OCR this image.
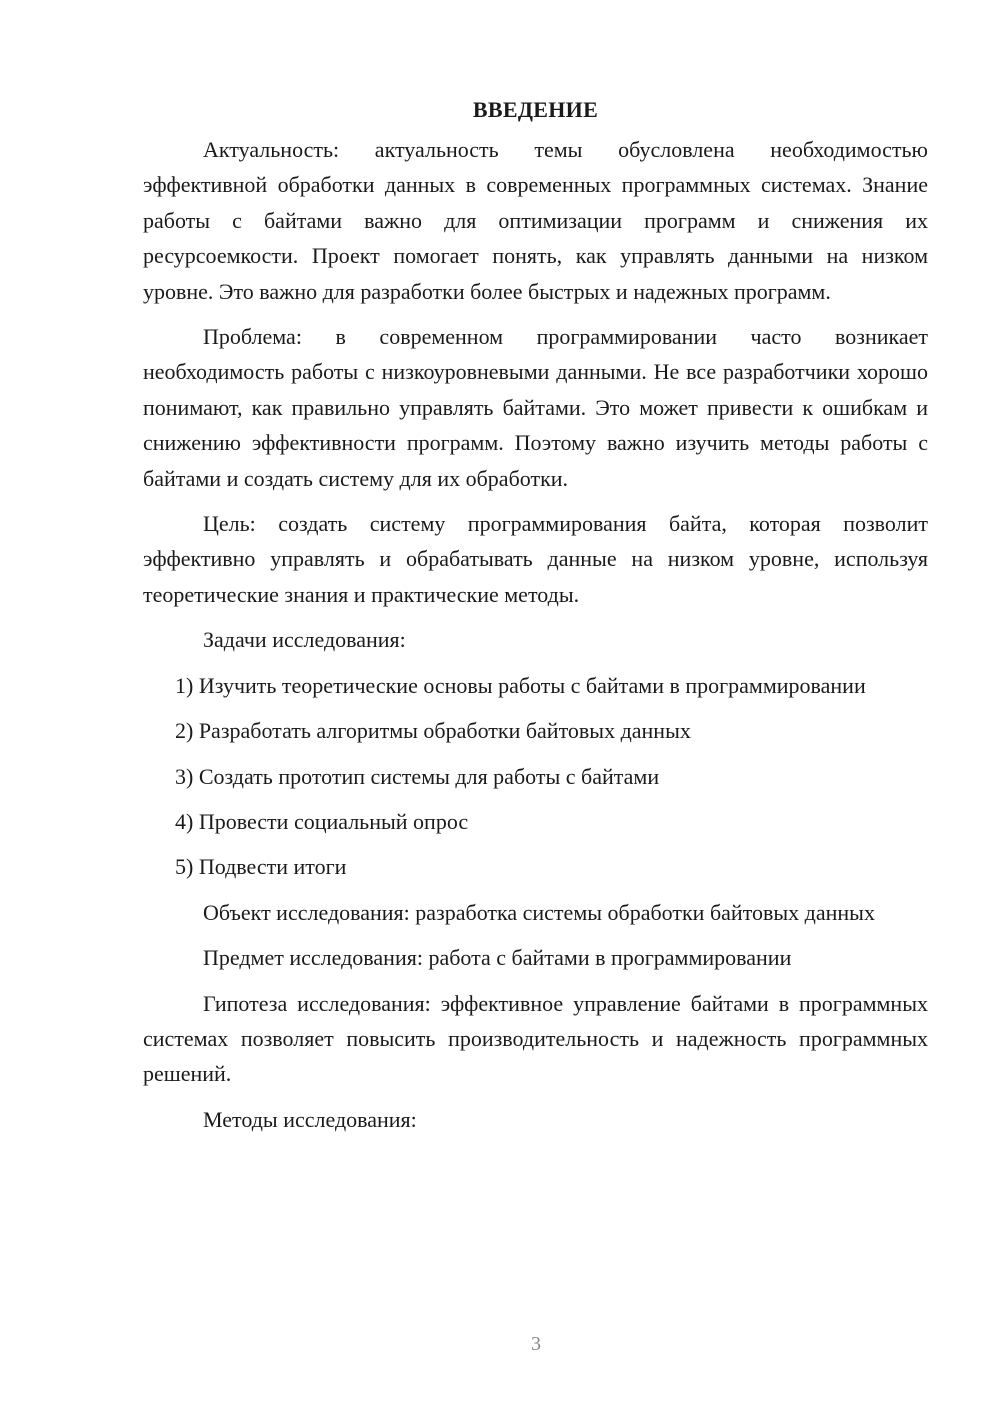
ВВЕДЕНИЕ

Актуальность: актуальность темы обусловлена необходимостью эффективной обработки данных в современных программных системах. Знание работы с байтами важно для оптимизации программ и снижения их ресурсоемкости. Проект помогает понять, как управлять данными на низком уровне. Это важно для разработки более быстрых и надежных программ.

Проблема: в современном программировании часто возникает необходимость работы с низкоуровневыми данными. Не все разработчики хорошо понимают, как правильно управлять байтами. Это может привести к ошибкам и снижению эффективности программ. Поэтому важно изучить методы работы с байтами и создать систему для их обработки.

Цель: создать систему программирования байта, которая позволит эффективно управлять и обрабатывать данные на низком уровне, используя теоретические знания и практические методы.

Задачи исследования:

1) Изучить теоретические основы работы с байтами в программировании

2) Разработать алгоритмы обработки байтовых данных

3) Создать прототип системы для работы с байтами

4) Провести социальный опрос

5) Подвести итоги

Объект исследования: разработка системы обработки байтовых данных

Предмет исследования: работа с байтами в программировании

Гипотеза исследования: эффективное управление байтами в программных системах позволяет повысить производительность и надежность программных решений.

Методы исследования:

3
